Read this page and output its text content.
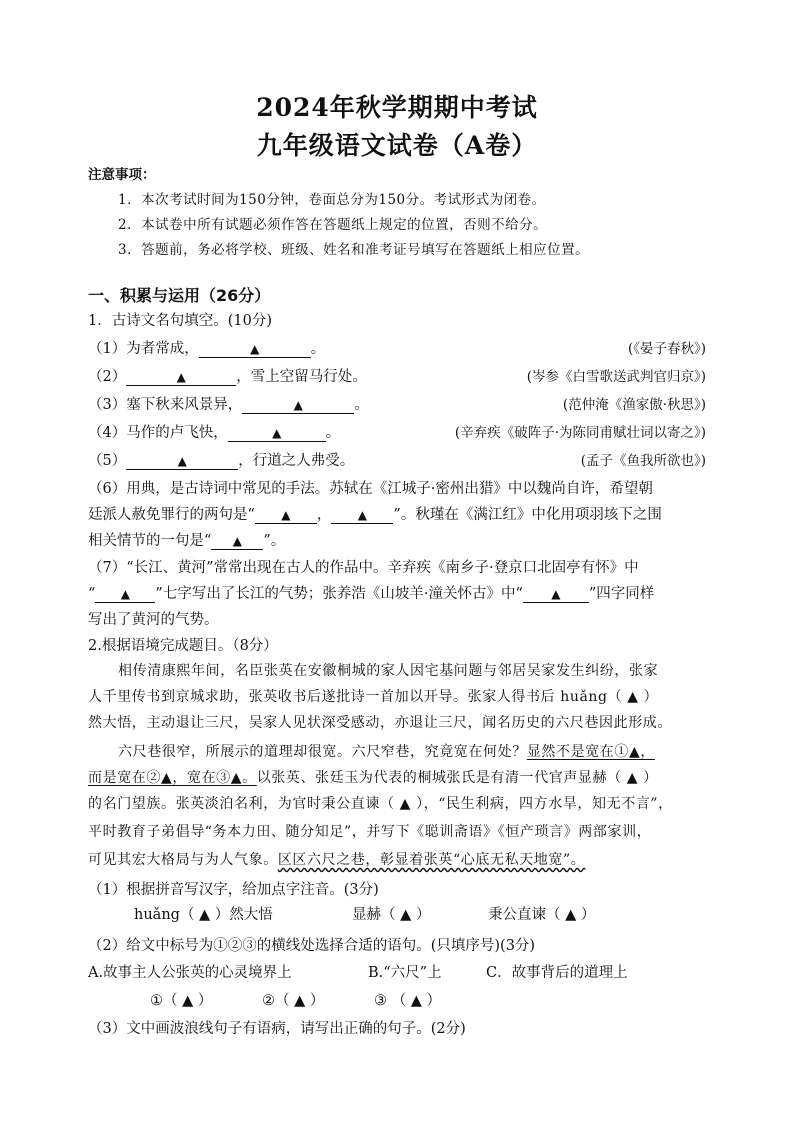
2024年秋学期期中考试
九年级语文试卷（A卷）
注意事项：
1．本次考试时间为150分钟，卷面总分为150分。考试形式为闭卷。
2．本试卷中所有试题必须作答在答题纸上规定的位置，否则不给分。
3．答题前，务必将学校、班级、姓名和准考证号填写在答题纸上相应位置。
一、积累与运用（26分）
1．古诗文名句填空。(10分)
（1）为者常成，	▲	。	(《晏子春秋》)
（2）	▲	，雪上空留马行处。	(岑参《白雪歌送武判官归京》)
（3）塞下秋来风景异，	▲	。	(范仲淹《渔家傲·秋思》)
（4）马作的卢飞快，	▲	。	(辛弃疾《破阵子·为陈同甫赋壮词以寄之》)
（5）	▲	，行道之人弗受。	(孟子《鱼我所欲也》)
（6）用典，是古诗词中常见的手法。苏轼在《江城子·密州出猎》中以魏尚自许，希望朝
廷派人赦免罪行的两句是“ ▲ ， ▲ ”。秋瑾在《满江红》中化用项羽垓下之围
相关情节的一句是“ ▲ ”。
（7）“长江、黄河”常常出现在古人的作品中。辛弃疾《南乡子·登京口北固亭有怀》中
“ ▲ ”七字写出了长江的气势；张养浩《山坡羊·潼关怀古》中“ ▲ ”四字同样
写出了黄河的气势。
2.根据语境完成题目。（8分）
相传清康熙年间，名臣张英在安徽桐城的家人因宅基问题与邻居吴家发生纠纷，张家
人千里传书到京城求助，张英收书后遂批诗一首加以开导。张家人得书后 huǎng（ ▲ ）
然大悟，主动退让三尺，吴家人见状深受感动，亦退让三尺，闻名历史的六尺巷因此形成。
六尺巷很窄，所展示的道理却很宽。六尺窄巷，究竟宽在何处？显然不是宽在①▲，
而是宽在②▲，宽在③▲。以张英、张廷玉为代表的桐城张氏是有清一代官声显赫（ ▲ ）
的名门望族。张英淡泊名利，为官时秉公直谏（ ▲ ），“民生利病，四方水旱，知无不言”，
平时教育子弟倡导“务本力田、随分知足”，并写下《聪训斋语》《恒产琐言》两部家训，
可见其宏大格局与为人气象。区区六尺之巷，彰显着张英“心底无私天地宽”。
（1）根据拼音写汉字，给加点字注音。(3分)
huǎng（ ▲ ）然大悟	显赫（ ▲ ）	秉公直谏（ ▲ ）
（2）给文中标号为①②③的横线处选择合适的语句。(只填序号)(3分)
A.故事主人公张英的心灵境界上	B.“六尺”上	C．故事背后的道理上
①（ ▲ ）	②（ ▲ ）	③ （ ▲ ）
（3）文中画波浪线句子有语病，请写出正确的句子。(2分)
